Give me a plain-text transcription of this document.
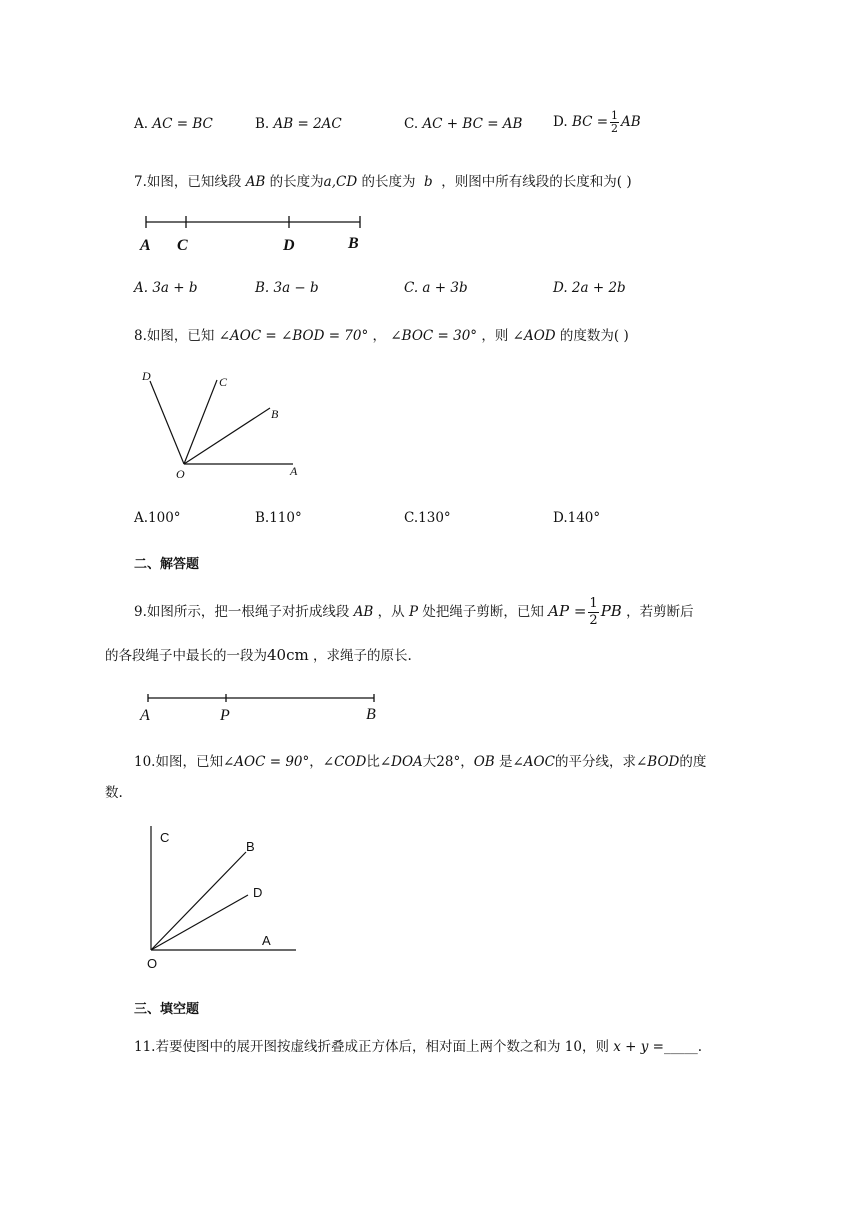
A. AC = BC	B. AB = 2AC	C. AC + BC = AB D. BC = $\frac{1}{2}$ AB
7.如图，已知线段 AB 的长度为a,CD 的长度为 b ，则图中所有线段的长度和为( )
A C	D	B
A. 3a + b	B. 3a − b	C. a + 3b	D. 2a + 2b
8.如图，已知 ∠AOC = ∠BOD = 70° ， ∠BOC = 30° ，则 ∠AOD 的度数为( )
D	C
B
O	A
A.100°	B.110°	C.130°	D.140°
二、解答题
9.如图所示，把一根绳子对折成线段 AB ，从 P 处把绳子剪断，已知 AP = $\frac{1}{2}$ PB ，若剪断后
的各段绳子中最长的一段为40cm ，求绳子的原长.
A	P	B
10.如图，已知∠AOC = 90°，∠COD比∠DOA大28°，OB 是∠AOC的平分线，求∠BOD的度
数.
C
B
D
A
O
三、填空题
11.若要使图中的展开图按虚线折叠成正方体后，相对面上两个数之和为 10，则 x + y =_____.
